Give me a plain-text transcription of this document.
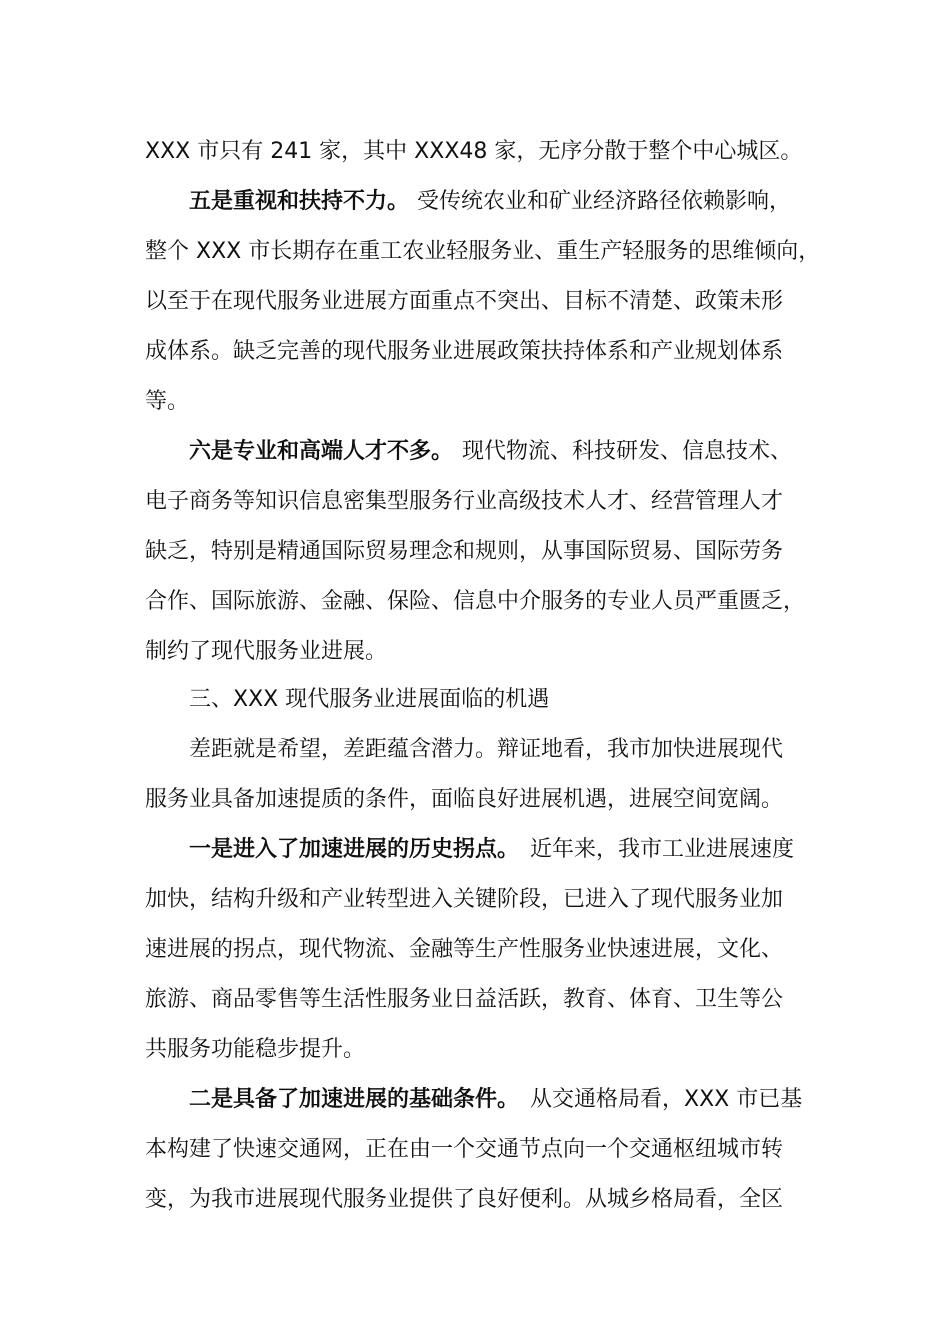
XXX 市只有 241 家，其中 XXX48 家，无序分散于整个中心城区。
五是重视和扶持不力。 受传统农业和矿业经济路径依赖影响，
整个 XXX 市长期存在重工农业轻服务业、重生产轻服务的思维倾向，
以至于在现代服务业进展方面重点不突出、目标不清楚、政策未形
成体系。缺乏完善的现代服务业进展政策扶持体系和产业规划体系
等。
六是专业和高端人才不多。 现代物流、科技研发、信息技术、
电子商务等知识信息密集型服务行业高级技术人才、经营管理人才
缺乏，特别是精通国际贸易理念和规则，从事国际贸易、国际劳务
合作、国际旅游、金融、保险、信息中介服务的专业人员严重匮乏，
制约了现代服务业进展。
三、XXX 现代服务业进展面临的机遇
差距就是希望，差距蕴含潜力。辩证地看，我市加快进展现代
服务业具备加速提质的条件，面临良好进展机遇，进展空间宽阔。
一是进入了加速进展的历史拐点。 近年来，我市工业进展速度
加快，结构升级和产业转型进入关键阶段，已进入了现代服务业加
速进展的拐点，现代物流、金融等生产性服务业快速进展，文化、
旅游、商品零售等生活性服务业日益活跃，教育、体育、卫生等公
共服务功能稳步提升。
二是具备了加速进展的基础条件。 从交通格局看，XXX 市已基
本构建了快速交通网，正在由一个交通节点向一个交通枢纽城市转
变，为我市进展现代服务业提供了良好便利。从城乡格局看，全区
